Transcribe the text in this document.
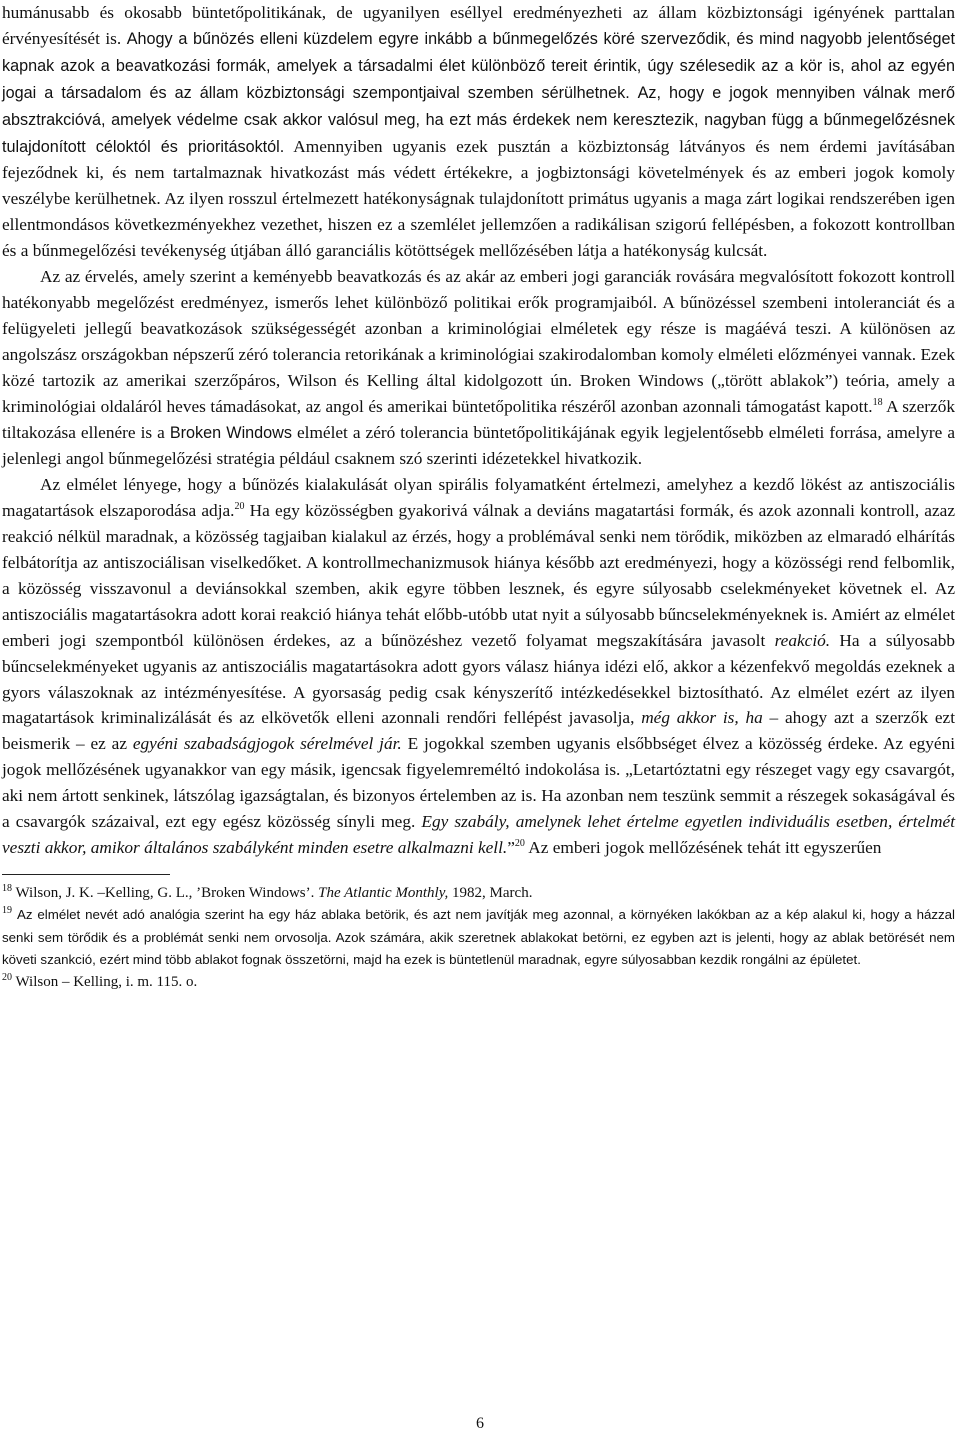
humánusabb és okosabb büntetőpolitikának, de ugyanilyen eséllyel eredményezheti az állam közbiztonsági igényének parttalan érvényesítését is. Ahogy a bűnözés elleni küzdelem egyre inkább a bűnmegelőzés köré szerveződik, és mind nagyobb jelentőséget kapnak azok a beavatkozási formák, amelyek a társadalmi élet különböző tereit érintik, úgy szélesedik az a kör is, ahol az egyén jogai a társadalom és az állam közbiztonsági szempontjaival szemben sérülhetnek. Az, hogy e jogok mennyiben válnak merő absztrakcióvá, amelyek védelme csak akkor valósul meg, ha ezt más érdekek nem keresztezik, nagyban függ a bűnmegelőzésnek tulajdonított céloktól és prioritásoktól. Amennyiben ugyanis ezek pusztán a közbiztonság látványos és nem érdemi javításában fejeződnek ki, és nem tartalmaznak hivatkozást más védett értékekre, a jogbiztonsági követelmények és az emberi jogok komoly veszélybe kerülhetnek. Az ilyen rosszul értelmezett hatékonyságnak tulajdonított primátus ugyanis a maga zárt logikai rendszerében igen ellentmondásos következményekhez vezethet, hiszen ez a szemlélet jellemzően a radikálisan szigorú fellépésben, a fokozott kontrollban és a bűnmegelőzési tevékenység útjában álló garanciális kötöttségek mellőzésében látja a hatékonyság kulcsát.

Az az érvelés, amely szerint a keményebb beavatkozás és az akár az emberi jogi garanciák rovására megvalósított fokozott kontroll hatékonyabb megelőzést eredményez, ismerős lehet különböző politikai erők programjaiból. A bűnözéssel szembeni intoleranciát és a felügyeleti jellegű beavatkozások szükségességét azonban a kriminológiai elméletek egy része is magáévá teszi. A különösen az angolszász országokban népszerű zéró tolerancia retorikának a kriminológiai szakirodalomban komoly elméleti előzményei vannak. Ezek közé tartozik az amerikai szerzőpáros, Wilson és Kelling által kidolgozott ún. Broken Windows („törött ablakok”) teória, amely a kriminológiai oldaláról heves támadásokat, az angol és amerikai büntetőpolitika részéről azonban azonnali támogatást kapott.$^{18}$ A szerzők tiltakozása ellenére is a Broken Windows elmélet a zéró tolerancia büntetőpolitikájának egyik legjelentősebb elméleti forrása, amelyre a jelenlegi angol bűnmegelőzési stratégia például csaknem szó szerinti idézetekkel hivatkozik.

Az elmélet lényege, hogy a bűnözés kialakulását olyan spirális folyamatként értelmezi, amelyhez a kezdő lökést az antiszociális magatartások elszaporodása adja.$^{20}$ Ha egy közösségben gyakorivá válnak a deviáns magatartási formák, és azok azonnali kontroll, azaz reakció nélkül maradnak, a közösség tagjaiban kialakul az érzés, hogy a problémával senki nem törődik, miközben az elmaradó elhárítás felbátorítja az antiszociálisan viselkedőket. A kontrollmechanizmusok hiánya később azt eredményezi, hogy a közösségi rend felbomlik, a közösség visszavonul a deviánsokkal szemben, akik egyre többen lesznek, és egyre súlyosabb cselekményeket követnek el. Az antiszociális magatartásokra adott korai reakció hiánya tehát előbb-utóbb utat nyit a súlyosabb bűncselekményeknek is. Amiért az elmélet emberi jogi szempontból különösen érdekes, az a bűnözéshez vezető folyamat megszakítására javasolt reakció. Ha a súlyosabb bűncselekményeket ugyanis az antiszociális magatartásokra adott gyors válasz hiánya idézi elő, akkor a kézenfekvő megoldás ezeknek a gyors válaszoknak az intézményesítése. A gyorsaság pedig csak kényszerítő intézkedésekkel biztosítható. Az elmélet ezért az ilyen magatartások kriminalizálását és az elkövetők elleni azonnali rendőri fellépést javasolja, még akkor is, ha – ahogy azt a szerzők ezt beismerik – ez az egyéni szabadságjogok sérelmével jár. E jogokkal szemben ugyanis elsőbbséget élvez a közösség érdeke. Az egyéni jogok mellőzésének ugyanakkor van egy másik, igencsak figyelemreméltó indokolása is. „Letartóztatni egy részeget vagy egy csavargót, aki nem ártott senkinek, látszólag igazságtalan, és bizonyos értelemben az is. Ha azonban nem teszünk semmit a részegek sokaságával és a csavargók százaival, ezt egy egész közösség sínyli meg. Egy szabály, amelynek lehet értelme egyetlen individuális esetben, értelmét veszti akkor, amikor általános szabályként minden esetre alkalmazni kell.”$^{20}$ Az emberi jogok mellőzésének tehát itt egyszerűen

$^{18}$ Wilson, J. K. –Kelling, G. L., ’Broken Windows’. The Atlantic Monthly, 1982, March.

$^{19}$ Az elmélet nevét adó analógia szerint ha egy ház ablaka betörik, és azt nem javítják meg azonnal, a környéken lakókban az a kép alakul ki, hogy a házzal senki sem törődik és a problémát senki nem orvosolja. Azok számára, akik szeretnek ablakokat betörni, ez egyben azt is jelenti, hogy az ablak betörését nem követi szankció, ezért mind több ablakot fognak összetörni, majd ha ezek is büntetlenül maradnak, egyre súlyosabban kezdik rongálni az épületet.

$^{20}$ Wilson – Kelling, i. m. 115. o.

6
